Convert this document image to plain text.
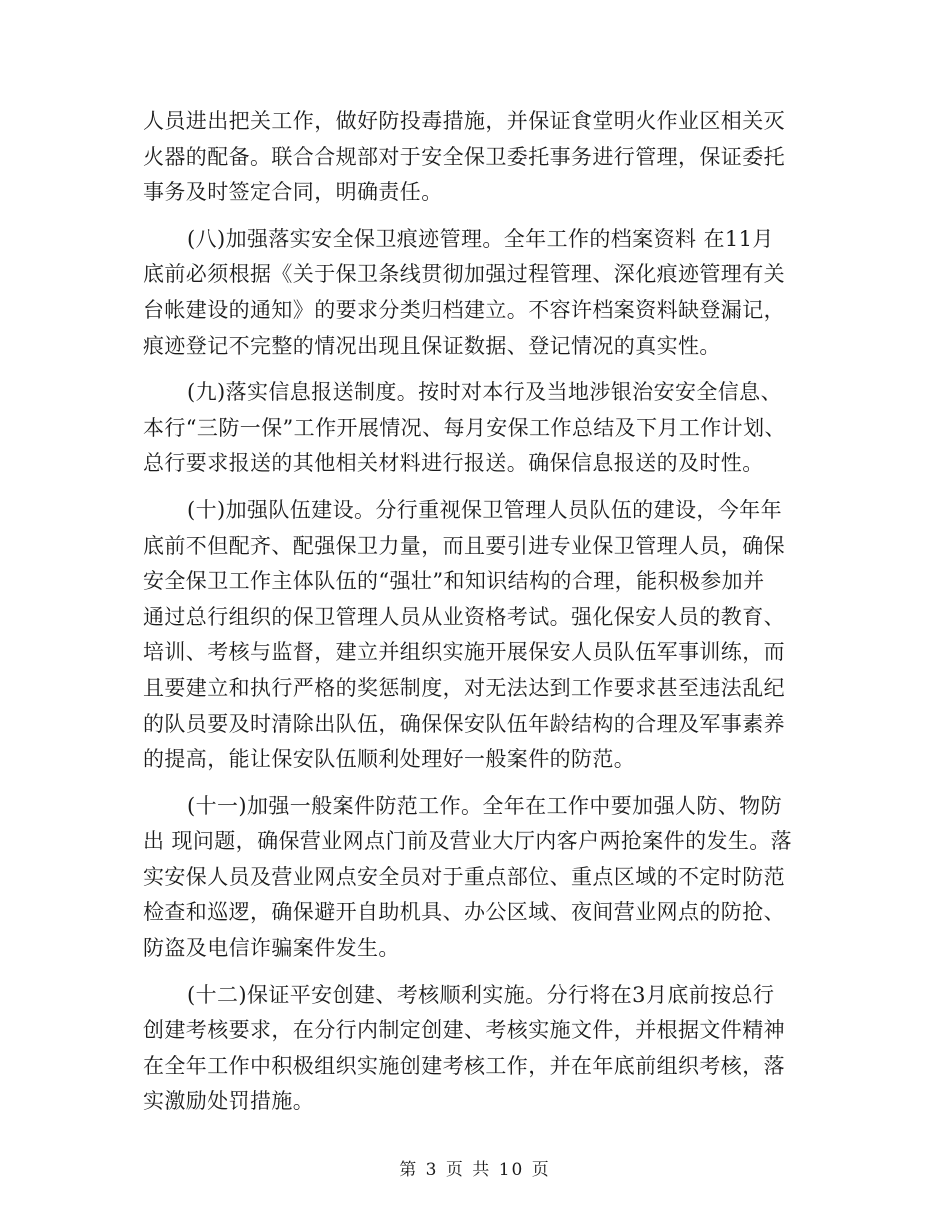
人员进出把关工作，做好防投毒措施，并保证食堂明火作业区相关灭
火器的配备。联合合规部对于安全保卫委托事务进行管理，保证委托
事务及时签定合同，明确责任。

(八)加强落实安全保卫痕迹管理。全年工作的档案资料 在11月
底前必须根据《关于保卫条线贯彻加强过程管理、深化痕迹管理有关
台帐建设的通知》的要求分类归档建立。不容许档案资料缺登漏记，
痕迹登记不完整的情况出现且保证数据、登记情况的真实性。

(九)落实信息报送制度。按时对本行及当地涉银治安安全信息、
本行“三防一保”工作开展情况、每月安保工作总结及下月工作计划、
总行要求报送的其他相关材料进行报送。确保信息报送的及时性。

(十)加强队伍建设。分行重视保卫管理人员队伍的建设，今年年
底前不但配齐、配强保卫力量，而且要引进专业保卫管理人员，确保
安全保卫工作主体队伍的“强壮”和知识结构的合理，能积极参加并
通过总行组织的保卫管理人员从业资格考试。强化保安人员的教育、
培训、考核与监督，建立并组织实施开展保安人员队伍军事训练，而
且要建立和执行严格的奖惩制度，对无法达到工作要求甚至违法乱纪
的队员要及时清除出队伍，确保保安队伍年龄结构的合理及军事素养
的提高，能让保安队伍顺利处理好一般案件的防范。

(十一)加强一般案件防范工作。全年在工作中要加强人防、物防
出 现问题，确保营业网点门前及营业大厅内客户两抢案件的发生。落
实安保人员及营业网点安全员对于重点部位、重点区域的不定时防范
检查和巡逻，确保避开自助机具、办公区域、夜间营业网点的防抢、
防盗及电信诈骗案件发生。

(十二)保证平安创建、考核顺利实施。分行将在3月底前按总行
创建考核要求，在分行内制定创建、考核实施文件，并根据文件精神
在全年工作中积极组织实施创建考核工作，并在年底前组织考核，落
实激励处罚措施。

第 3 页 共 10 页
